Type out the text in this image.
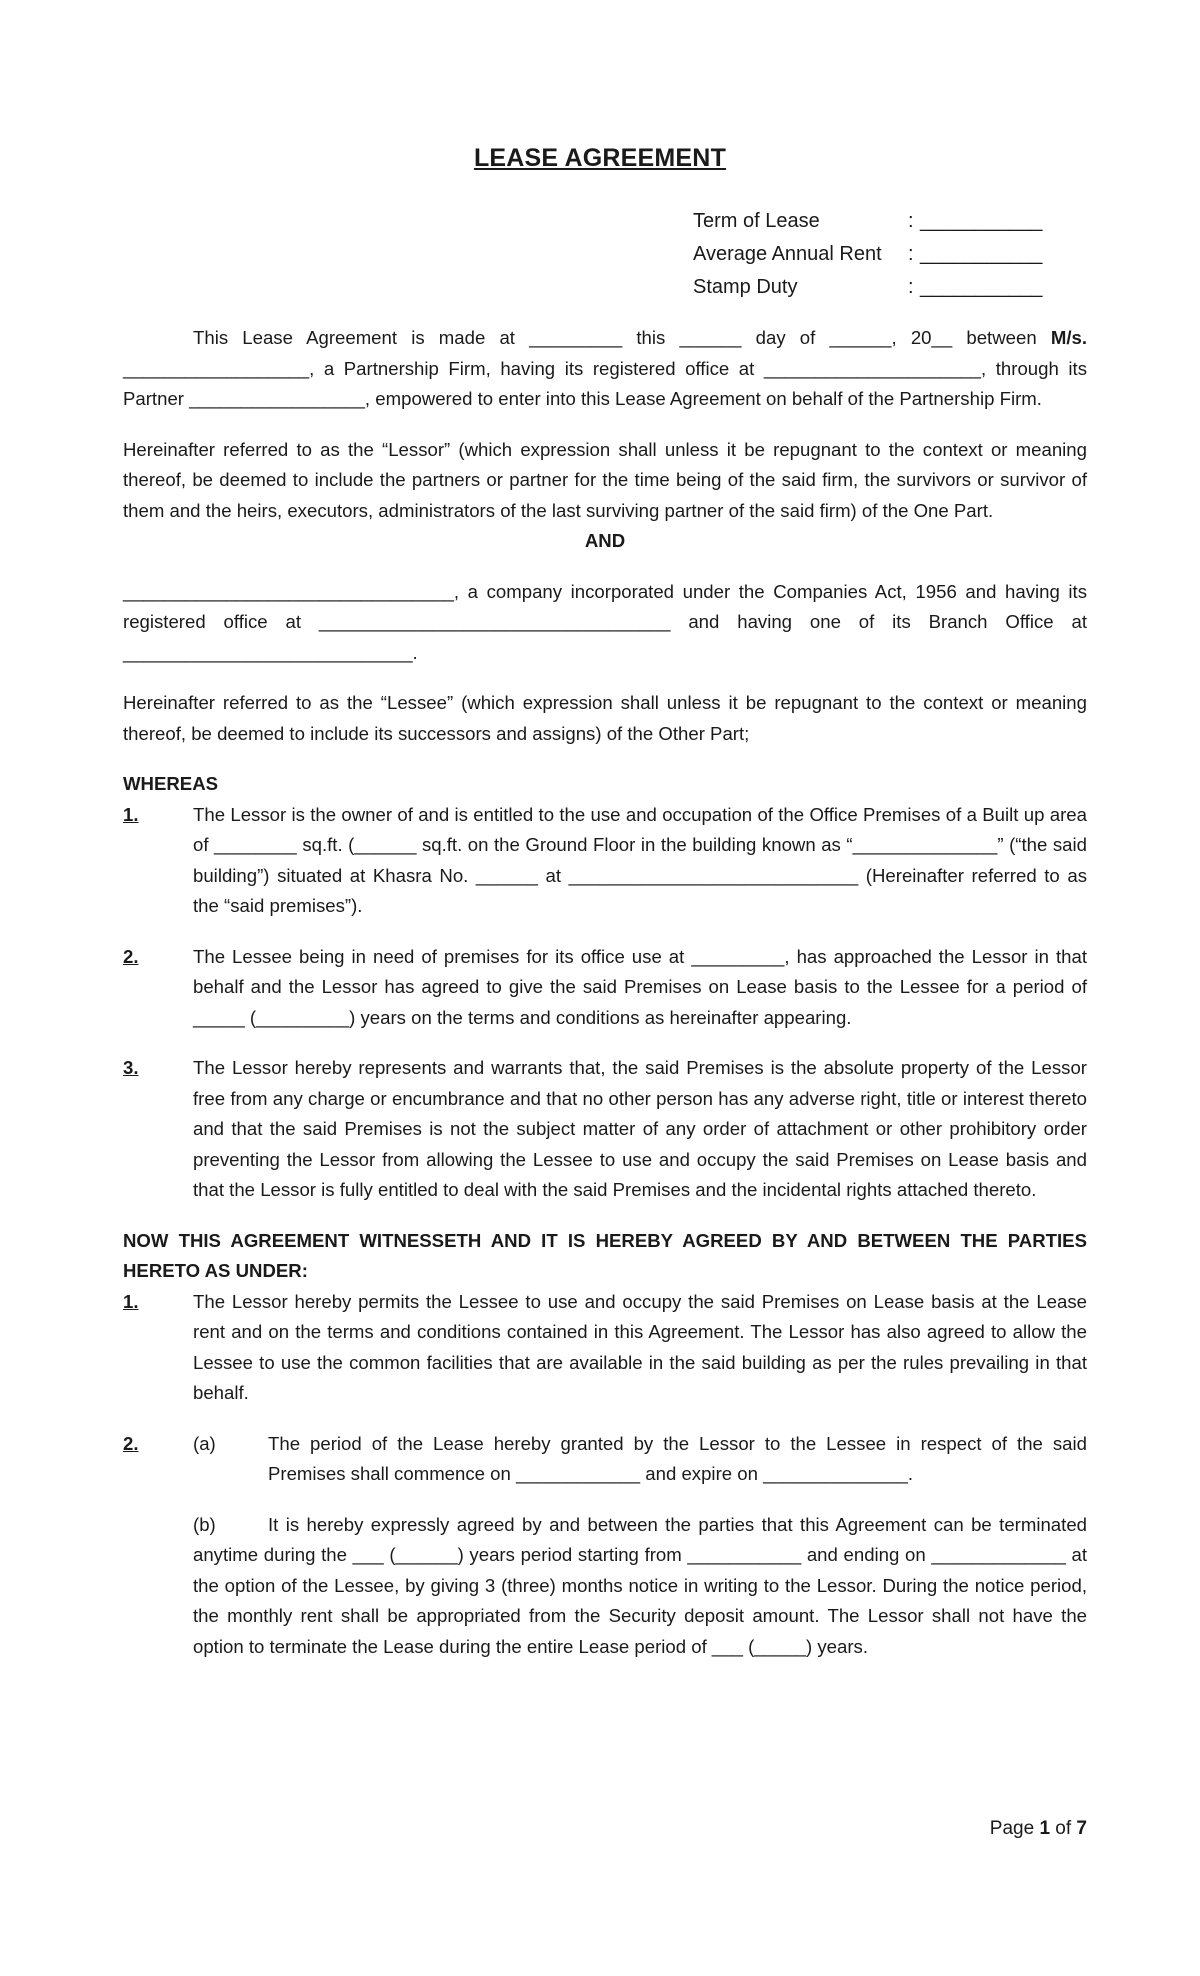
LEASE AGREEMENT
Term of Lease	: ___________
Average Annual Rent : ___________
Stamp Duty	: ___________

This Lease Agreement is made at _________ this ______ day of ______, 20__ between M/s. __________________, a Partnership Firm, having its registered office at _____________________, through its Partner _________________, empowered to enter into this Lease Agreement on behalf of the Partnership Firm.

Hereinafter referred to as the “Lessor” (which expression shall unless it be repugnant to the context or meaning thereof, be deemed to include the partners or partner for the time being of the said firm, the survivors or survivor of them and the heirs, executors, administrators of the last surviving partner of the said firm) of the One Part.

AND

________________________________, a company incorporated under the Companies Act, 1956 and having its registered office at __________________________________ and having one of its Branch Office at ____________________________.

Hereinafter referred to as the “Lessee” (which expression shall unless it be repugnant to the context or meaning thereof, be deemed to include its successors and assigns) of the Other Part;

WHEREAS

1.	The Lessor is the owner of and is entitled to the use and occupation of the Office Premises of a Built up area of ________ sq.ft. (______ sq.ft. on the Ground Floor in the building known as “______________” (“the said building”) situated at Khasra No. ______ at ____________________________ (Hereinafter referred to as the “said premises”).

2.	The Lessee being in need of premises for its office use at _________, has approached the Lessor in that behalf and the Lessor has agreed to give the said Premises on Lease basis to the Lessee for a period of _____ (_________) years on the terms and conditions as hereinafter appearing.

3.	The Lessor hereby represents and warrants that, the said Premises is the absolute property of the Lessor free from any charge or encumbrance and that no other person has any adverse right, title or interest thereto and that the said Premises is not the subject matter of any order of attachment or other prohibitory order preventing the Lessor from allowing the Lessee to use and occupy the said Premises on Lease basis and that the Lessor is fully entitled to deal with the said Premises and the incidental rights attached thereto.

NOW THIS AGREEMENT WITNESSETH AND IT IS HEREBY AGREED BY AND BETWEEN THE PARTIES HERETO AS UNDER:

1.	The Lessor hereby permits the Lessee to use and occupy the said Premises on Lease basis at the Lease rent and on the terms and conditions contained in this Agreement. The Lessor has also agreed to allow the Lessee to use the common facilities that are available in the said building as per the rules prevailing in that behalf.

2.	(a)	The period of the Lease hereby granted by the Lessor to the Lessee in respect of the said Premises shall commence on ____________ and expire on ______________.

(b)	It is hereby expressly agreed by and between the parties that this Agreement can be terminated anytime during the ___ (______) years period starting from ___________ and ending on _____________ at the option of the Lessee, by giving 3 (three) months notice in writing to the Lessor. During the notice period, the monthly rent shall be appropriated from the Security deposit amount. The Lessor shall not have the option to terminate the Lease during the entire Lease period of ___ (_____) years.

Page 1 of 7
